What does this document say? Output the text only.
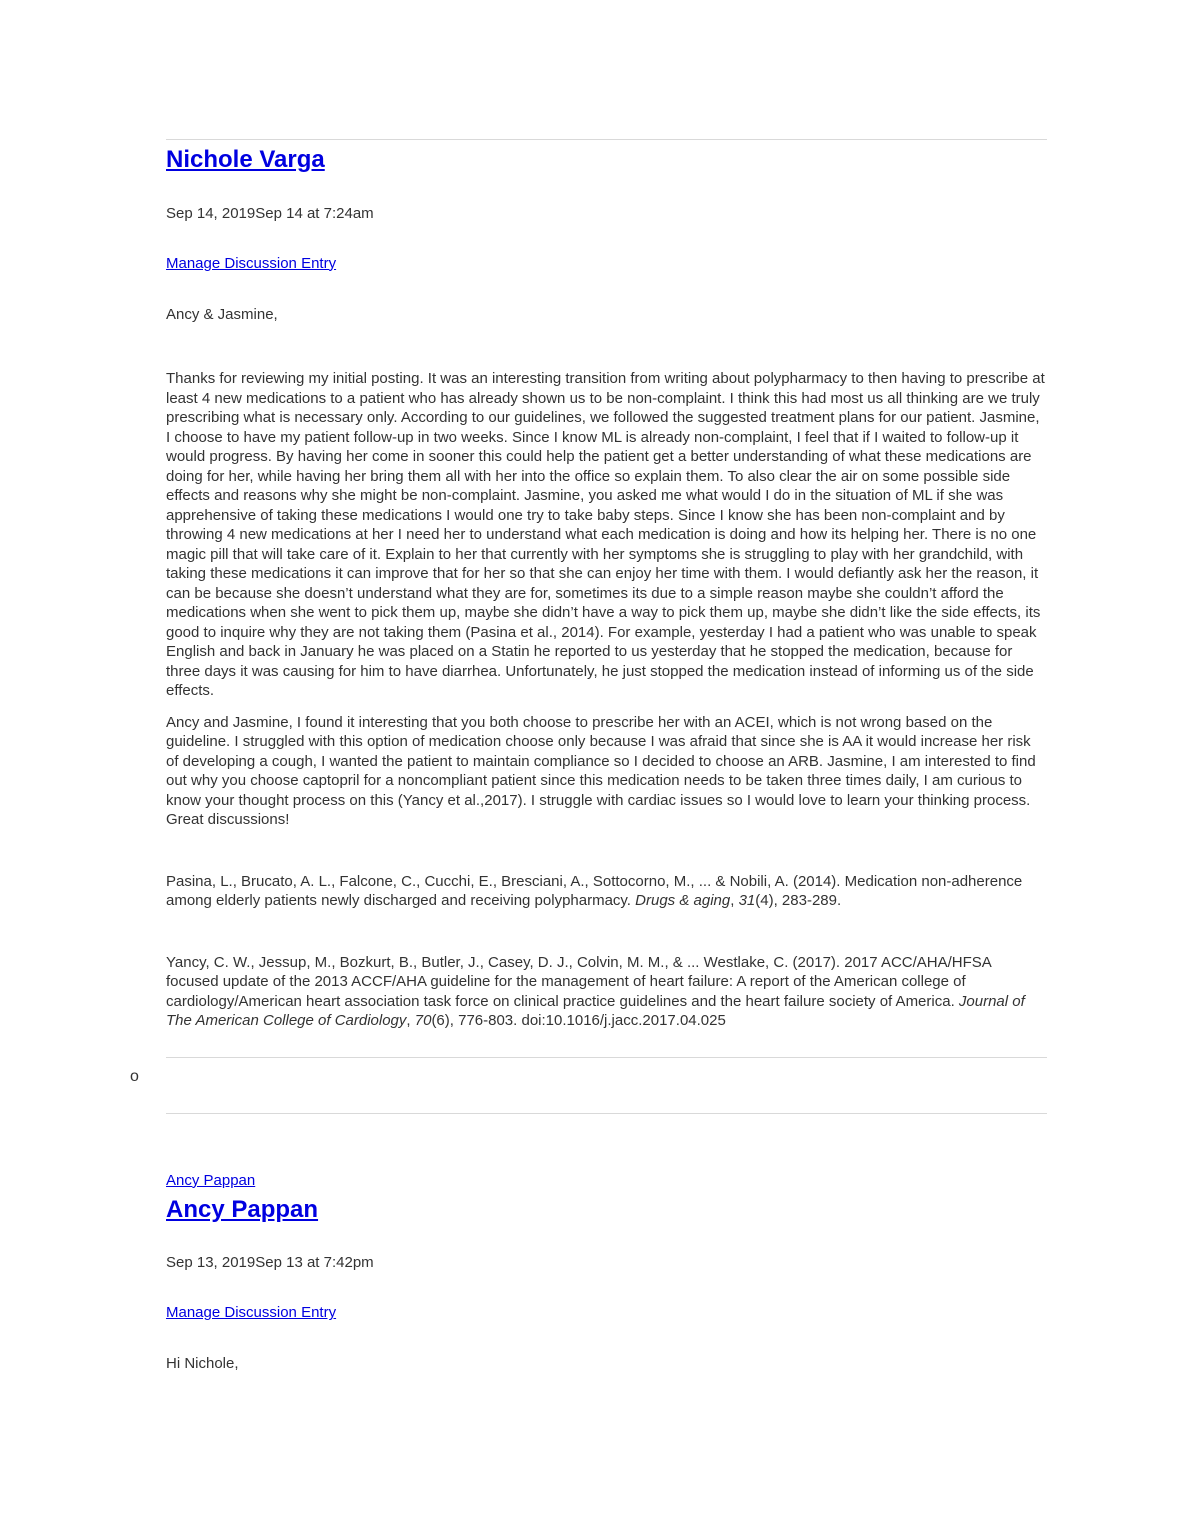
Nichole Varga
Sep 14, 2019Sep 14 at 7:24am
Manage Discussion Entry

Ancy & Jasmine,

Thanks for reviewing my initial posting. It was an interesting transition from writing about polypharmacy to then having to prescribe at least 4 new medications to a patient who has already shown us to be non-complaint. I think this had most us all thinking are we truly prescribing what is necessary only. According to our guidelines, we followed the suggested treatment plans for our patient. Jasmine, I choose to have my patient follow-up in two weeks. Since I know ML is already non-complaint, I feel that if I waited to follow-up it would progress. By having her come in sooner this could help the patient get a better understanding of what these medications are doing for her, while having her bring them all with her into the office so explain them. To also clear the air on some possible side effects and reasons why she might be non-complaint. Jasmine, you asked me what would I do in the situation of ML if she was apprehensive of taking these medications I would one try to take baby steps. Since I know she has been non-complaint and by throwing 4 new medications at her I need her to understand what each medication is doing and how its helping her. There is no one magic pill that will take care of it. Explain to her that currently with her symptoms she is struggling to play with her grandchild, with taking these medications it can improve that for her so that she can enjoy her time with them. I would defiantly ask her the reason, it can be because she doesn’t understand what they are for, sometimes its due to a simple reason maybe she couldn’t afford the medications when she went to pick them up, maybe she didn’t have a way to pick them up, maybe she didn’t like the side effects, its good to inquire why they are not taking them (Pasina et al., 2014). For example, yesterday I had a patient who was unable to speak English and back in January he was placed on a Statin he reported to us yesterday that he stopped the medication, because for three days it was causing for him to have diarrhea. Unfortunately, he just stopped the medication instead of informing us of the side effects.

Ancy and Jasmine, I found it interesting that you both choose to prescribe her with an ACEI, which is not wrong based on the guideline. I struggled with this option of medication choose only because I was afraid that since she is AA it would increase her risk of developing a cough, I wanted the patient to maintain compliance so I decided to choose an ARB. Jasmine, I am interested to find out why you choose captopril for a noncompliant patient since this medication needs to be taken three times daily, I am curious to know your thought process on this (Yancy et al.,2017). I struggle with cardiac issues so I would love to learn your thinking process. Great discussions!

Pasina, L., Brucato, A. L., Falcone, C., Cucchi, E., Bresciani, A., Sottocorno, M., ... & Nobili, A. (2014). Medication non-adherence among elderly patients newly discharged and receiving polypharmacy. Drugs & aging, 31(4), 283-289.

Yancy, C. W., Jessup, M., Bozkurt, B., Butler, J., Casey, D. J., Colvin, M. M., & ... Westlake, C. (2017). 2017 ACC/AHA/HFSA focused update of the 2013 ACCF/AHA guideline for the management of heart failure: A report of the American college of cardiology/American heart association task force on clinical practice guidelines and the heart failure society of America. Journal of The American College of Cardiology, 70(6), 776-803. doi:10.1016/j.jacc.2017.04.025

o
Ancy Pappan
Ancy Pappan
Sep 13, 2019Sep 13 at 7:42pm
Manage Discussion Entry

Hi Nichole,
